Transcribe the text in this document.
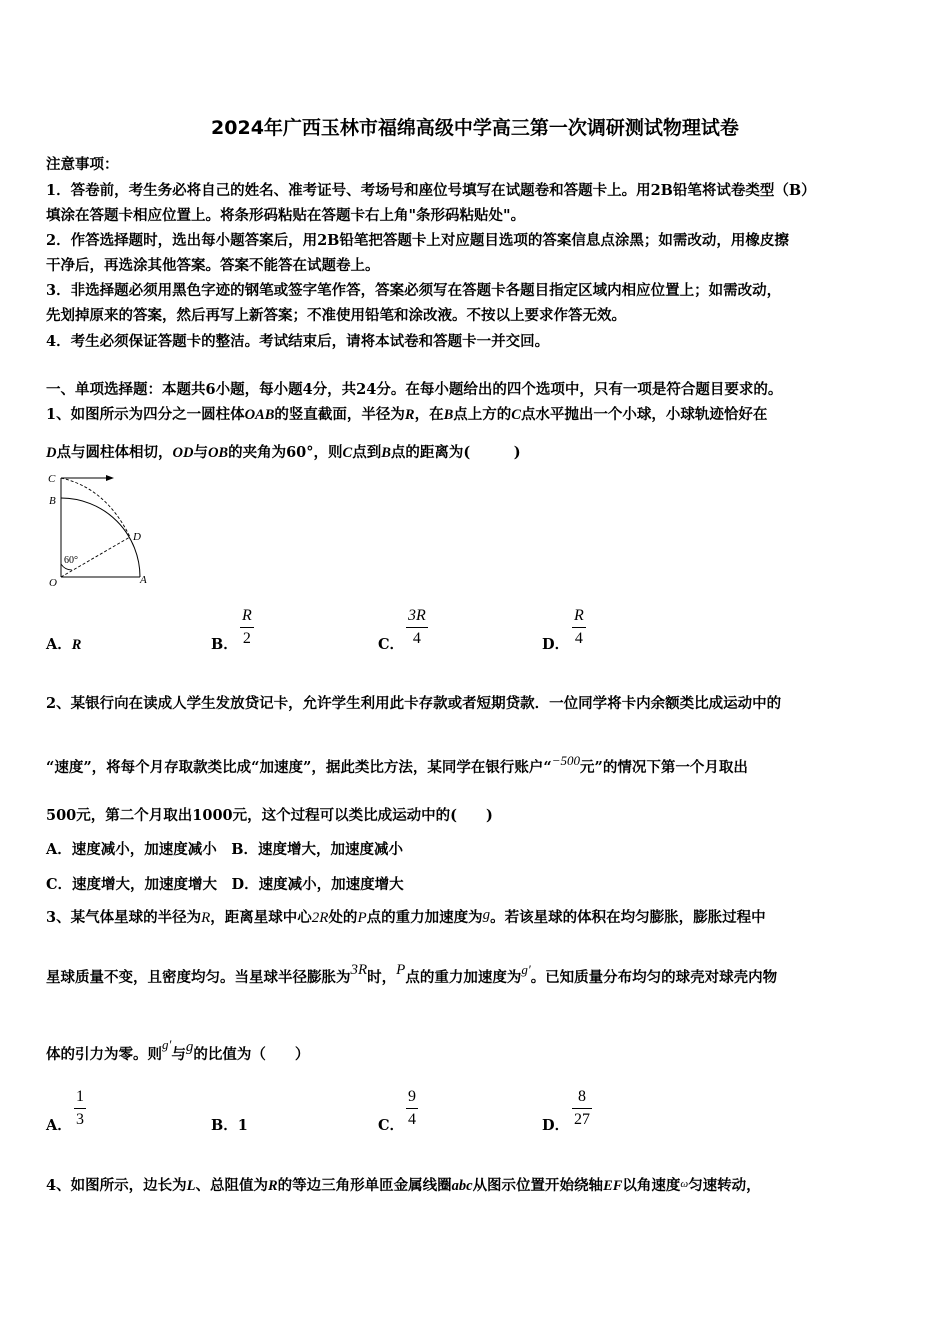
2024年广西玉林市福绵高级中学高三第一次调研测试物理试卷
注意事项：
1．答卷前，考生务必将自己的姓名、准考证号、考场号和座位号填写在试题卷和答题卡上。用2B铅笔将试卷类型（B）
填涂在答题卡相应位置上。将条形码粘贴在答题卡右上角"条形码粘贴处"。
2．作答选择题时，选出每小题答案后，用2B铅笔把答题卡上对应题目选项的答案信息点涂黑；如需改动，用橡皮擦
干净后，再选涂其他答案。答案不能答在试题卷上。
3．非选择题必须用黑色字迹的钢笔或签字笔作答，答案必须写在答题卡各题目指定区域内相应位置上；如需改动，
先划掉原来的答案，然后再写上新答案；不准使用铅笔和涂改液。不按以上要求作答无效。
4．考生必须保证答题卡的整洁。考试结束后，请将本试卷和答题卡一并交回。
一、单项选择题：本题共6小题，每小题4分，共24分。在每小题给出的四个选项中，只有一项是符合题目要求的。
1、如图所示为四分之一圆柱体OAB的竖直截面，半径为R，在B点上方的C点水平抛出一个小球，小球轨迹恰好在
D点与圆柱体相切，OD与OB的夹角为60°，则C点到B点的距离为(　　　)
C
B
D
O	A
60°
A．R	B．
R
2	C．
3R
4	D．
R
4
2、某银行向在读成人学生发放贷记卡，允许学生利用此卡存款或者短期贷款．一位同学将卡内余额类比成运动中的
“速度”，将每个月存取款类比成“加速度”，据此类比方法，某同学在银行账户“−500元”的情况下第一个月取出
500元，第二个月取出1000元，这个过程可以类比成运动中的(　　)
A．速度减小，加速度减小　B．速度增大，加速度减小
C．速度增大，加速度增大　D．速度减小，加速度增大
3、某气体星球的半径为R，距离星球中心2R处的P点的重力加速度为g。若该星球的体积在均匀膨胀，膨胀过程中
星球质量不变，且密度均匀。当星球半径膨胀为3R时，P点的重力加速度为g′。已知质量分布均匀的球壳对球壳内物
体的引力为零。则g′与g的比值为（　　）
A．
1
3	B．1	C．
9
4	D．
8
27
4、如图所示，边长为L、总阻值为R的等边三角形单匝金属线圈abc从图示位置开始绕轴EF以角速度$^\omega$匀速转动，
